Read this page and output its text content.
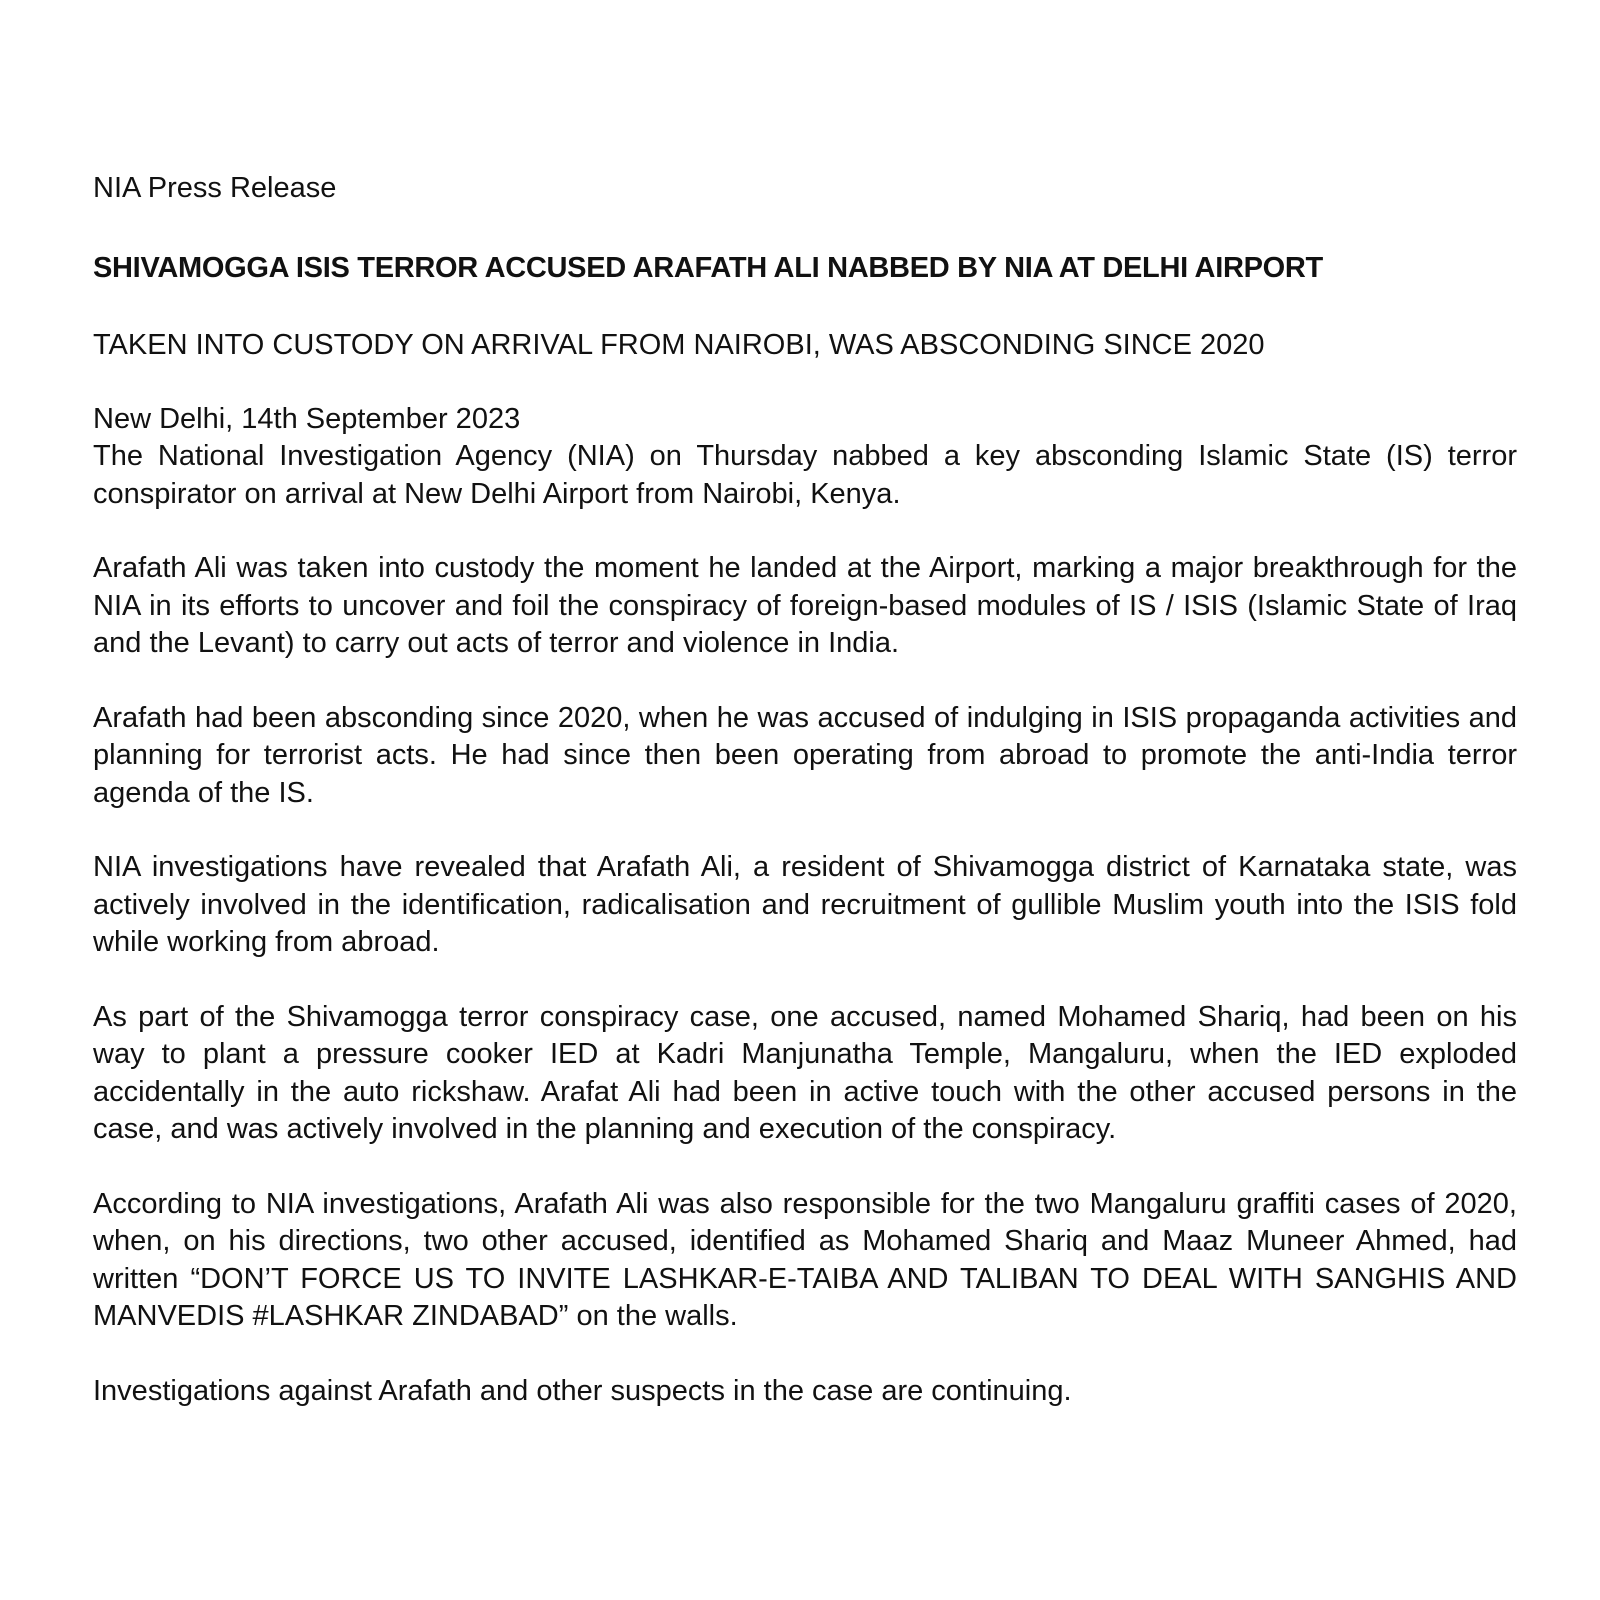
NIA Press Release

SHIVAMOGGA ISIS TERROR ACCUSED ARAFATH ALI NABBED BY NIA AT DELHI AIRPORT

TAKEN INTO CUSTODY ON ARRIVAL FROM NAIROBI, WAS ABSCONDING SINCE 2020

New Delhi, 14th September 2023

The National Investigation Agency (NIA) on Thursday nabbed a key absconding Islamic State (IS) terror conspirator on arrival at New Delhi Airport from Nairobi, Kenya.

Arafath Ali was taken into custody the moment he landed at the Airport, marking a major breakthrough for the NIA in its efforts to uncover and foil the conspiracy of foreign-based modules of IS / ISIS (Islamic State of Iraq and the Levant) to carry out acts of terror and violence in India.

Arafath had been absconding since 2020, when he was accused of indulging in ISIS propaganda activities and planning for terrorist acts. He had since then been operating from abroad to promote the anti-India terror agenda of the IS.

NIA investigations have revealed that Arafath Ali, a resident of Shivamogga district of Karnataka state, was actively involved in the identification, radicalisation and recruitment of gullible Muslim youth into the ISIS fold while working from abroad.

As part of the Shivamogga terror conspiracy case, one accused, named Mohamed Shariq, had been on his way to plant a pressure cooker IED at Kadri Manjunatha Temple, Mangaluru, when the IED exploded accidentally in the auto rickshaw. Arafat Ali had been in active touch with the other accused persons in the case, and was actively involved in the planning and execution of the conspiracy.

According to NIA investigations, Arafath Ali was also responsible for the two Mangaluru graffiti cases of 2020, when, on his directions, two other accused, identified as Mohamed Shariq and Maaz Muneer Ahmed, had written “DON’T FORCE US TO INVITE LASHKAR-E-TAIBA AND TALIBAN TO DEAL WITH SANGHIS AND MANVEDIS #LASHKAR ZINDABAD” on the walls.

Investigations against Arafath and other suspects in the case are continuing.
